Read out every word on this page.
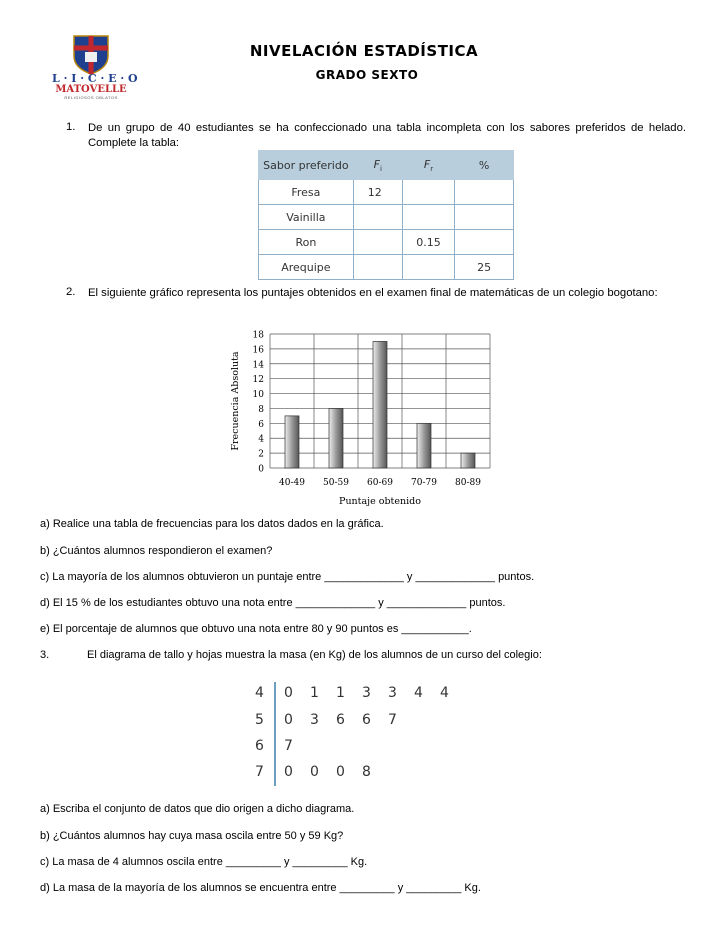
L · I · C · E · O
MATOVELLE
RELIGIOSOS OBLATOS
NIVELACIÓN ESTADÍSTICA
GRADO SEXTO
1. De un grupo de 40 estudiantes se ha confeccionado una tabla incompleta con los sabores preferidos de helado. Complete la tabla:
Sabor preferido	$F_i$	$F_r$	%
Fresa	12		
Vainilla			
Ron		0.15	
Arequipe			25
2. El siguiente gráfico representa los puntajes obtenidos en el examen final de matemáticas de un colegio bogotano:
0
2
4
6
8
10
12
14
16
18
40-49 50-59 60-69 70-79 80-89
Puntaje obtenido
Frecuencia Absoluta
a) Realice una tabla de frecuencias para los datos dados en la gráfica.
b) ¿Cuántos alumnos respondieron el examen?
c) La mayoría de los alumnos obtuvieron un puntaje entre _____________ y _____________ puntos.
d) El 15 % de los estudiantes obtuvo una nota entre _____________ y _____________ puntos.
e) El porcentaje de alumnos que obtuvo una nota entre 80 y 90 puntos es ___________.
3.	El diagrama de tallo y hojas muestra la masa (en Kg) de los alumnos de un curso del colegio:
4 0 1 1 3 3 4 4
5 0 3 6 6 7
6 7
7 0 0 0 8
a) Escriba el conjunto de datos que dio origen a dicho diagrama.
b) ¿Cuántos alumnos hay cuya masa oscila entre 50 y 59 Kg?
c) La masa de 4 alumnos oscila entre _________ y _________ Kg.
d) La masa de la mayoría de los alumnos se encuentra entre _________ y _________ Kg.
